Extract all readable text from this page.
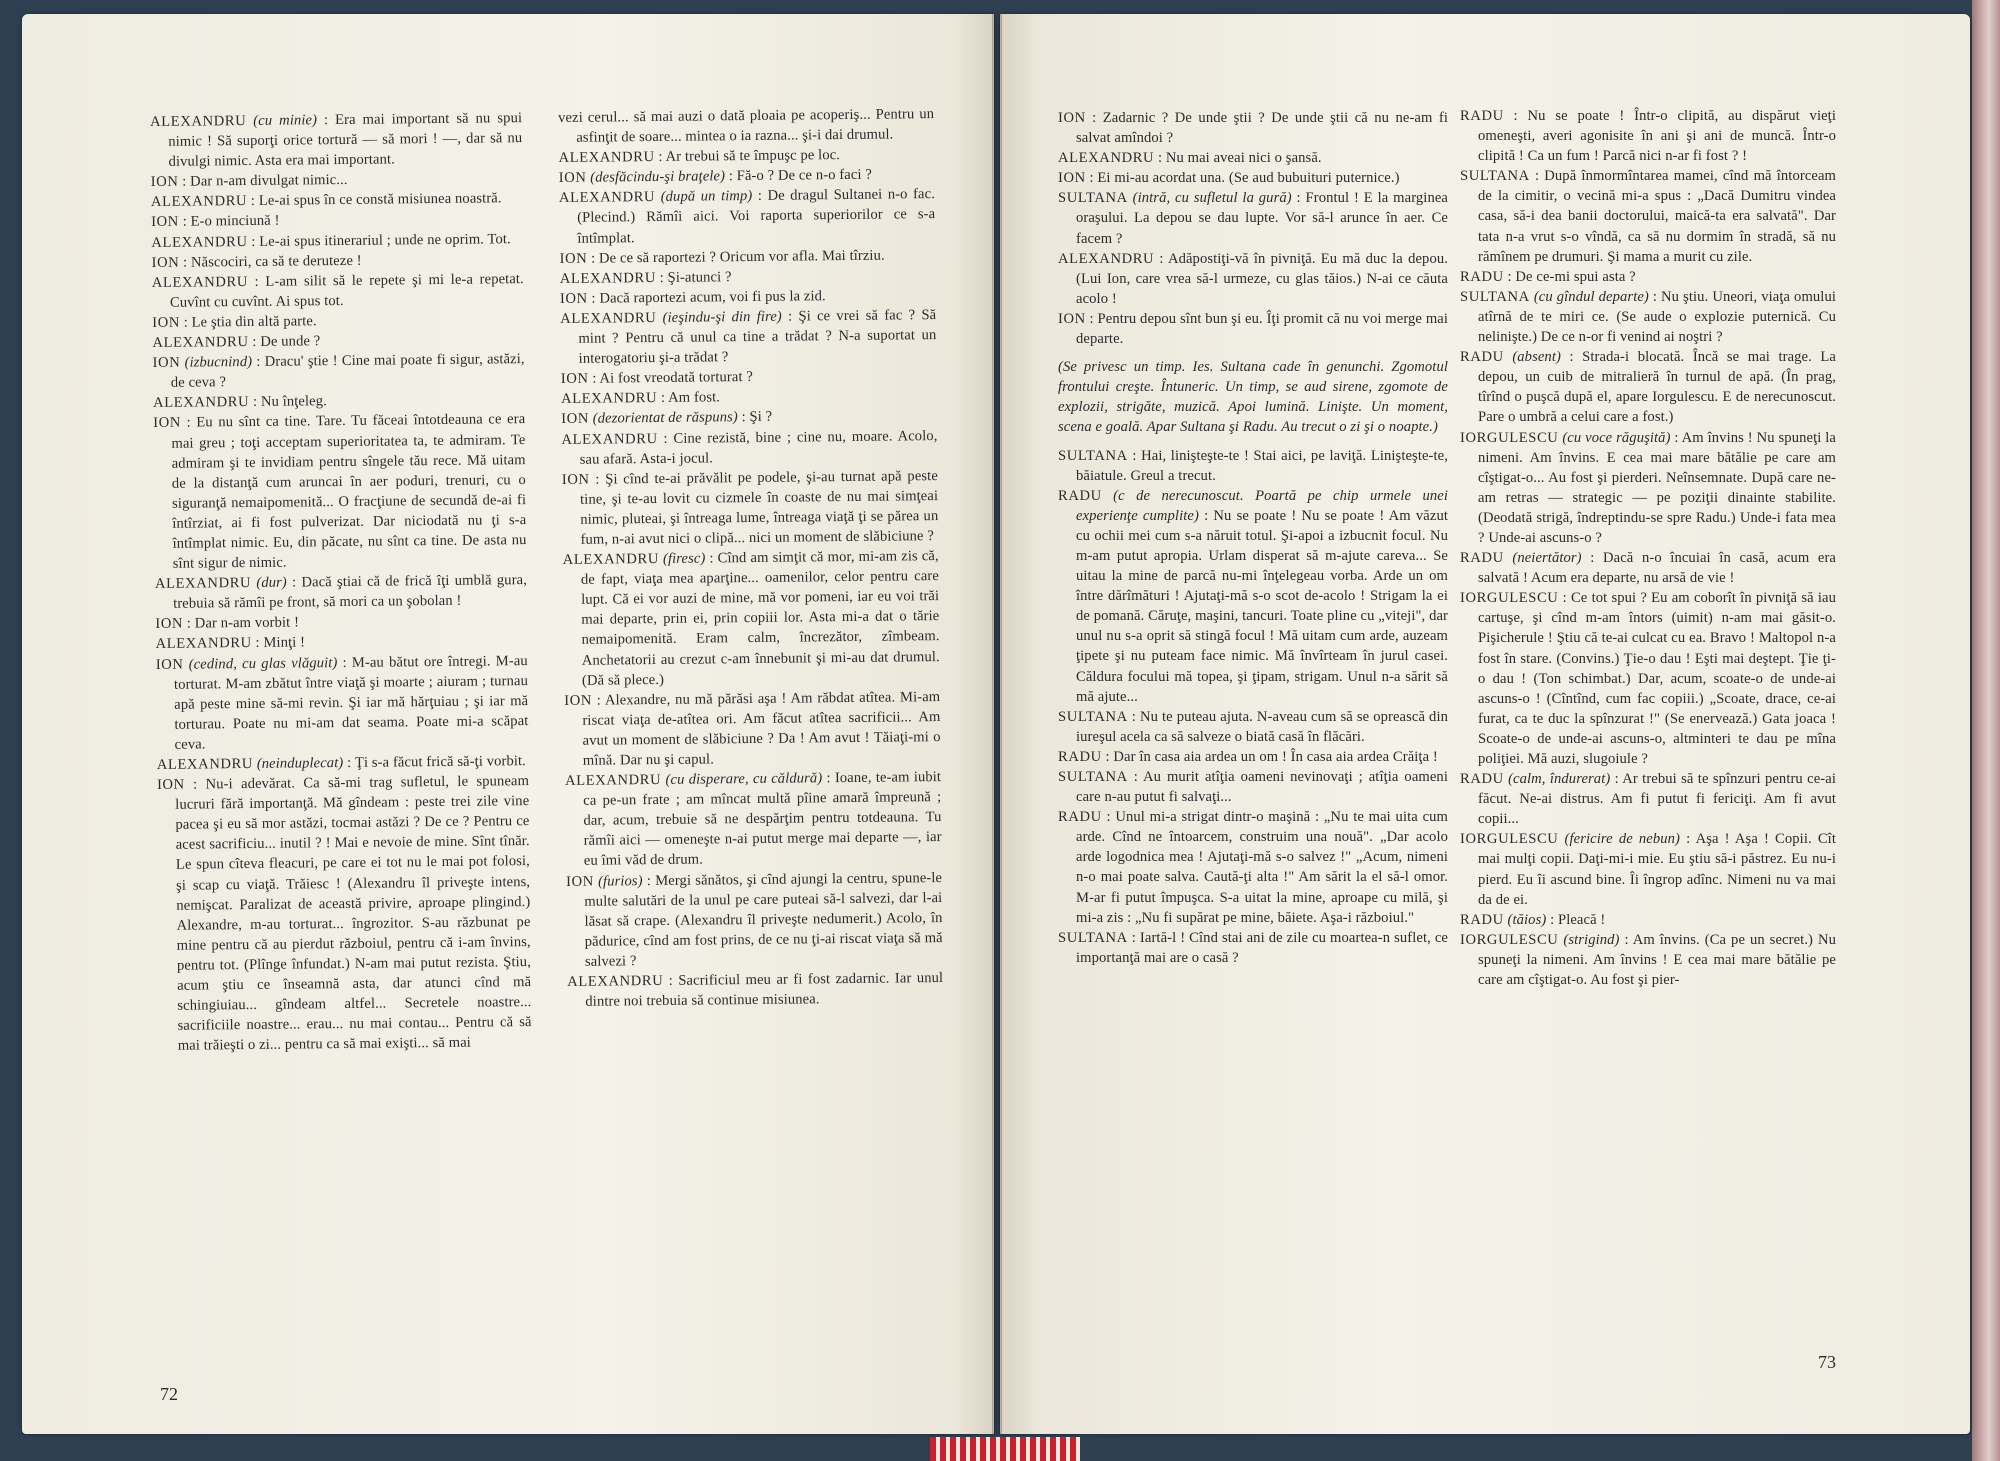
ALEXANDRU (cu minie) : Era mai important să nu spui nimic ! Să suporţi orice tortură — să mori ! —, dar să nu divulgi nimic. Asta era mai important.

ION : Dar n-am divulgat nimic...

ALEXANDRU : Le-ai spus în ce constă misiunea noastră.

ION : E-o minciună !

ALEXANDRU : Le-ai spus itinerariul ; unde ne oprim. Tot.

ION : Născociri, ca să te deruteze !

ALEXANDRU : L-am silit să le repete şi mi le-a repetat. Cuvînt cu cuvînt. Ai spus tot.

ION : Le ştia din altă parte.

ALEXANDRU : De unde ?

ION (izbucnind) : Dracu' ştie ! Cine mai poate fi sigur, astăzi, de ceva ?

ALEXANDRU : Nu înţeleg.

ION : Eu nu sînt ca tine. Tare. Tu făceai întotdeauna ce era mai greu ; toţi acceptam superioritatea ta, te admiram. Te admiram şi te invidiam pentru sîngele tău rece. Mă uitam de la distanţă cum aruncai în aer poduri, trenuri, cu o siguranţă nemaipomenită... O fracţiune de secundă de-ai fi întîrziat, ai fi fost pulverizat. Dar niciodată nu ţi s-a întîmplat nimic. Eu, din păcate, nu sînt ca tine. De asta nu sînt sigur de nimic.

ALEXANDRU (dur) : Dacă ştiai că de frică îţi umblă gura, trebuia să rămîi pe front, să mori ca un şobolan !

ION : Dar n-am vorbit !

ALEXANDRU : Minţi !

ION (cedind, cu glas vlăguit) : M-au bătut ore întregi. M-au torturat. M-am zbătut între viaţă şi moarte ; aiuram ; turnau apă peste mine să-mi revin. Şi iar mă hărţuiau ; şi iar mă torturau. Poate nu mi-am dat seama. Poate mi-a scăpat ceva.

ALEXANDRU (neinduplecat) : Ţi s-a făcut frică să-ţi vorbit.

ION : Nu-i adevărat. Ca să-mi trag sufletul, le spuneam lucruri fără importanţă. Mă gîndeam : peste trei zile vine pacea şi eu să mor astăzi, tocmai astăzi ? De ce ? Pentru ce acest sacrificiu... inutil ? ! Mai e nevoie de mine. Sînt tînăr. Le spun cîteva fleacuri, pe care ei tot nu le mai pot folosi, şi scap cu viaţă. Trăiesc ! (Alexandru îl priveşte intens, nemişcat. Paralizat de această privire, aproape plingind.) Alexandre, m-au torturat... îngrozitor. S-au răzbunat pe mine pentru că au pierdut războiul, pentru că i-am învins, pentru tot. (Plînge înfundat.) N-am mai putut rezista. Ştiu, acum ştiu ce înseamnă asta, dar atunci cînd mă schingiuiau... gîndeam altfel... Secretele noastre... sacrificiile noastre... erau... nu mai contau... Pentru că să mai trăieşti o zi... pentru ca să mai exişti... să mai

vezi cerul... să mai auzi o dată ploaia pe acoperiş... Pentru un asfinţit de soare... mintea o ia razna... şi-i dai drumul.

ALEXANDRU : Ar trebui să te împuşc pe loc.

ION (desfăcindu-şi braţele) : Fă-o ? De ce n-o faci ?

ALEXANDRU (după un timp) : De dragul Sultanei n-o fac. (Plecind.) Rămîi aici. Voi raporta superiorilor ce s-a întîmplat.

ION : De ce să raportezi ? Oricum vor afla. Mai tîrziu.

ALEXANDRU : Şi-atunci ?

ION : Dacă raportezi acum, voi fi pus la zid.

ALEXANDRU (ieşindu-şi din fire) : Şi ce vrei să fac ? Să mint ? Pentru că unul ca tine a trădat ? N-a suportat un interogatoriu şi-a trădat ?

ION : Ai fost vreodată torturat ?

ALEXANDRU : Am fost.

ION (dezorientat de răspuns) : Şi ?

ALEXANDRU : Cine rezistă, bine ; cine nu, moare. Acolo, sau afară. Asta-i jocul.

ION : Şi cînd te-ai prăvălit pe podele, şi-au turnat apă peste tine, şi te-au lovit cu cizmele în coaste de nu mai simţeai nimic, pluteai, şi întreaga lume, întreaga viaţă ţi se părea un fum, n-ai avut nici o clipă... nici un moment de slăbiciune ?

ALEXANDRU (firesc) : Cînd am simţit că mor, mi-am zis că, de fapt, viaţa mea aparţine... oamenilor, celor pentru care lupt. Că ei vor auzi de mine, mă vor pomeni, iar eu voi trăi mai departe, prin ei, prin copiii lor. Asta mi-a dat o tărie nemaipomenită. Eram calm, încrezător, zîmbeam. Anchetatorii au crezut c-am înnebunit şi mi-au dat drumul. (Dă să plece.)

ION : Alexandre, nu mă părăsi aşa ! Am răbdat atîtea. Mi-am riscat viaţa de-atîtea ori. Am făcut atîtea sacrificii... Am avut un moment de slăbiciune ? Da ! Am avut ! Tăiaţi-mi o mînă. Dar nu şi capul.

ALEXANDRU (cu disperare, cu căldură) : Ioane, te-am iubit ca pe-un frate ; am mîncat multă pîine amară împreună ; dar, acum, trebuie să ne despărţim pentru totdeauna. Tu rămîi aici — omeneşte n-ai putut merge mai departe —, iar eu îmi văd de drum.

ION (furios) : Mergi sănătos, şi cînd ajungi la centru, spune-le multe salutări de la unul pe care puteai să-l salvezi, dar l-ai lăsat să crape. (Alexandru îl priveşte nedumerit.) Acolo, în pădurice, cînd am fost prins, de ce nu ţi-ai riscat viaţa să mă salvezi ?

ALEXANDRU : Sacrificiul meu ar fi fost zadarnic. Iar unul dintre noi trebuia să continue misiunea.

ION : Zadarnic ? De unde ştii ? De unde ştii că nu ne-am fi salvat amîndoi ?

ALEXANDRU : Nu mai aveai nici o şansă.

ION : Ei mi-au acordat una. (Se aud bubuituri puternice.)

SULTANA (intră, cu sufletul la gură) : Frontul ! E la marginea oraşului. La depou se dau lupte. Vor să-l arunce în aer. Ce facem ?

ALEXANDRU : Adăpostiţi-vă în pivniţă. Eu mă duc la depou. (Lui Ion, care vrea să-l urmeze, cu glas tăios.) N-ai ce căuta acolo !

ION : Pentru depou sînt bun şi eu. Îţi promit că nu voi merge mai departe.

(Se privesc un timp. Ies. Sultana cade în genunchi. Zgomotul frontului creşte. Întuneric. Un timp, se aud sirene, zgomote de explozii, strigăte, muzică. Apoi lumină. Linişte. Un moment, scena e goală. Apar Sultana şi Radu. Au trecut o zi şi o noapte.)

SULTANA : Hai, linişteşte-te ! Stai aici, pe laviţă. Linişteşte-te, băiatule. Greul a trecut.

RADU (c de nerecunoscut. Poartă pe chip urmele unei experienţe cumplite) : Nu se poate ! Nu se poate ! Am văzut cu ochii mei cum s-a năruit totul. Şi-apoi a izbucnit focul. Nu m-am putut apropia. Urlam disperat să m-ajute careva... Se uitau la mine de parcă nu-mi înţelegeau vorba. Arde un om între dărîmături ! Ajutaţi-mă s-o scot de-acolo ! Strigam la ei de pomană. Căruţe, maşini, tancuri. Toate pline cu „viteji", dar unul nu s-a oprit să stingă focul ! Mă uitam cum arde, auzeam ţipete şi nu puteam face nimic. Mă învîrteam în jurul casei. Căldura focului mă topea, şi ţipam, strigam. Unul n-a sărit să mă ajute...

SULTANA : Nu te puteau ajuta. N-aveau cum să se oprească din iureşul acela ca să salveze o biată casă în flăcări.

RADU : Dar în casa aia ardea un om ! În casa aia ardea Crăiţa !

SULTANA : Au murit atîţia oameni nevinovaţi ; atîţia oameni care n-au putut fi salvaţi...

RADU : Unul mi-a strigat dintr-o maşină : „Nu te mai uita cum arde. Cînd ne întoarcem, construim una nouă". „Dar acolo arde logodnica mea ! Ajutaţi-mă s-o salvez !" „Acum, nimeni n-o mai poate salva. Caută-ţi alta !" Am sărit la el să-l omor. M-ar fi putut împuşca. S-a uitat la mine, aproape cu milă, şi mi-a zis : „Nu fi supărat pe mine, băiete. Aşa-i războiul."

SULTANA : Iartă-l ! Cînd stai ani de zile cu moartea-n suflet, ce importanţă mai are o casă ?

RADU : Nu se poate ! Într-o clipită, au dispărut vieţi omeneşti, averi agonisite în ani şi ani de muncă. Într-o clipită ! Ca un fum ! Parcă nici n-ar fi fost ? !

SULTANA : După înmormîntarea mamei, cînd mă întorceam de la cimitir, o vecină mi-a spus : „Dacă Dumitru vindea casa, să-i dea banii doctorului, maică-ta era salvată". Dar tata n-a vrut s-o vîndă, ca să nu dormim în stradă, să nu rămînem pe drumuri. Şi mama a murit cu zile.

RADU : De ce-mi spui asta ?

SULTANA (cu gîndul departe) : Nu ştiu. Uneori, viaţa omului atîrnă de te miri ce. (Se aude o explozie puternică. Cu nelinişte.) De ce n-or fi venind ai noştri ?

RADU (absent) : Strada-i blocată. Încă se mai trage. La depou, un cuib de mitralieră în turnul de apă. (În prag, tîrînd o puşcă după el, apare Iorgulescu. E de nerecunoscut. Pare o umbră a celui care a fost.)

IORGULESCU (cu voce răguşită) : Am învins ! Nu spuneţi la nimeni. Am învins. E cea mai mare bătălie pe care am cîştigat-o... Au fost şi pierderi. Neînsemnate. După care ne-am retras — strategic — pe poziţii dinainte stabilite. (Deodată strigă, îndreptindu-se spre Radu.) Unde-i fata mea ? Unde-ai ascuns-o ?

RADU (neiertător) : Dacă n-o încuiai în casă, acum era salvată ! Acum era departe, nu arsă de vie !

IORGULESCU : Ce tot spui ? Eu am coborît în pivniţă să iau cartuşe, şi cînd m-am întors (uimit) n-am mai găsit-o. Pişicherule ! Ştiu că te-ai culcat cu ea. Bravo ! Maltopol n-a fost în stare. (Convins.) Ţie-o dau ! Eşti mai deştept. Ţie ţi-o dau ! (Ton schimbat.) Dar, acum, scoate-o de unde-ai ascuns-o ! (Cîntînd, cum fac copiii.) „Scoate, drace, ce-ai furat, ca te duc la spînzurat !" (Se enervează.) Gata joaca ! Scoate-o de unde-ai ascuns-o, altminteri te dau pe mîna poliţiei. Mă auzi, slugoiule ?

RADU (calm, îndurerat) : Ar trebui să te spînzuri pentru ce-ai făcut. Ne-ai distrus. Am fi putut fi fericiţi. Am fi avut copii...

IORGULESCU (fericire de nebun) : Aşa ! Aşa ! Copii. Cît mai mulţi copii. Daţi-mi-i mie. Eu ştiu să-i păstrez. Eu nu-i pierd. Eu îi ascund bine. Îi îngrop adînc. Nimeni nu va mai da de ei.

RADU (tăios) : Pleacă !

IORGULESCU (strigind) : Am învins. (Ca pe un secret.) Nu spuneţi la nimeni. Am învins ! E cea mai mare bătălie pe care am cîştigat-o. Au fost şi pier-

72
73
